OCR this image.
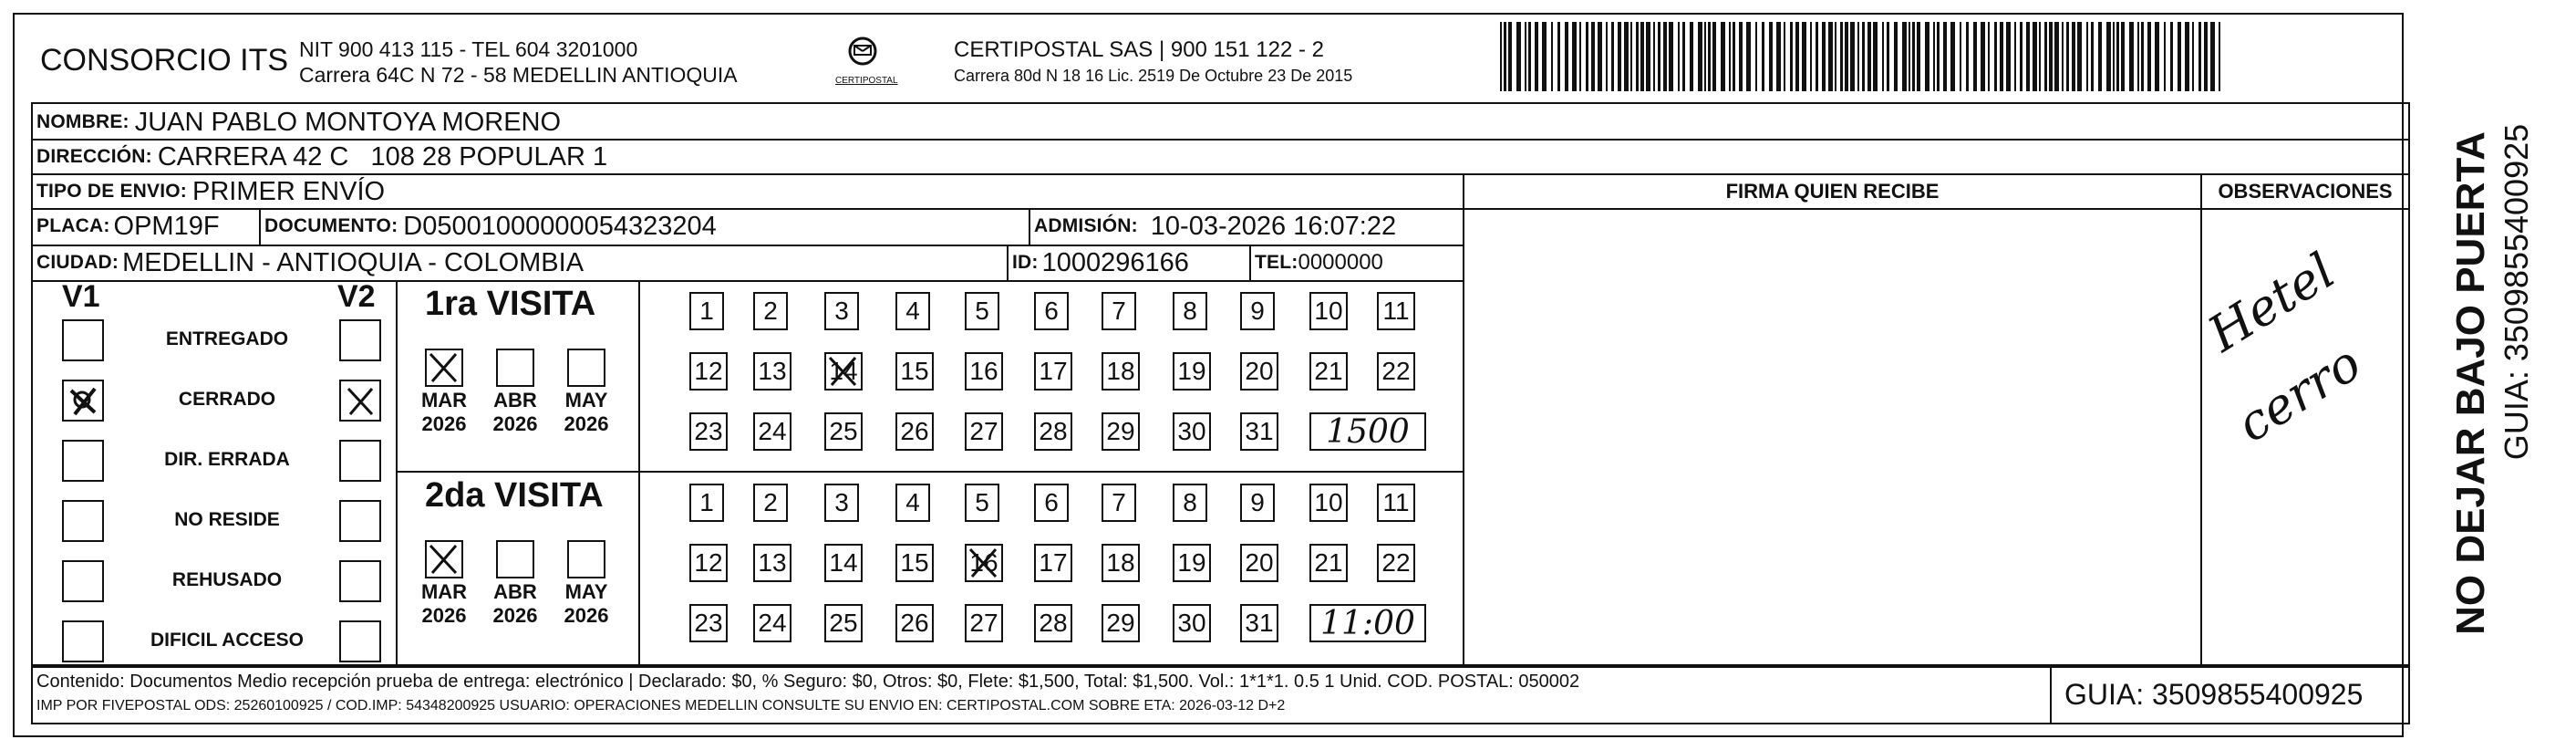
CONSORCIO ITS NIT 900 413 115 - TEL 604 3201000
Carrera 64C N 72 - 58 MEDELLIN ANTIOQUIA	CERTIPOSTAL
CERTIPOSTAL SAS | 900 151 122 - 2
Carrera 80d N 18 16 Lic. 2519 De Octubre 23 De 2015
NOMBRE: JUAN PABLO MONTOYA MORENO
DIRECCIÓN: CARRERA 42 C   108 28 POPULAR 1
TIPO DE ENVIO: PRIMER ENVÍO	FIRMA QUIEN RECIBE	OBSERVACIONES
PLACA: OPM19F DOCUMENTO: D05001000000054323204	ADMISIÓN: 10-03-2026 16:07:22
CIUDAD: MEDELLIN - ANTIOQUIA - COLOMBIA	ID: 1000296166	TEL: 0000000
V1	V2
ENTREGADO
CERRADO
DIR. ERRADA
NO RESIDE
REHUSADO
DIFICIL ACCESO
1ra VISITA
2da VISITA
MAR
2026
ABR
2026
MAY
2026
1	2	3	4	5	6	7	8	9	10 11
12 13 14 15 16 17 18 19 20 21 22
23 24 25 26 27 28 29 30 31	1500
MAR
2026
ABR
2026
MAY
2026
1	2	3	4	5	6	7	8	9	10 11
12 13 14 15 16 17 18 19 20 21 22
23 24 25 26 27 28 29 30 31	11:00
Hetel
cerro
Contenido: Documentos Medio recepción prueba de entrega: electrónico | Declarado: $0, % Seguro: $0, Otros: $0, Flete: $1,500, Total: $1,500. Vol.: 1*1*1. 0.5 1 Unid. COD. POSTAL: 050002
IMP POR FIVEPOSTAL ODS: 25260100925 / COD.IMP: 54348200925 USUARIO: OPERACIONES MEDELLIN CONSULTE SU ENVIO EN: CERTIPOSTAL.COM SOBRE ETA: 2026-03-12 D+2	GUIA: 3509855400925
NO DEJAR BAJO PUERTA GUIA: 3509855400925
